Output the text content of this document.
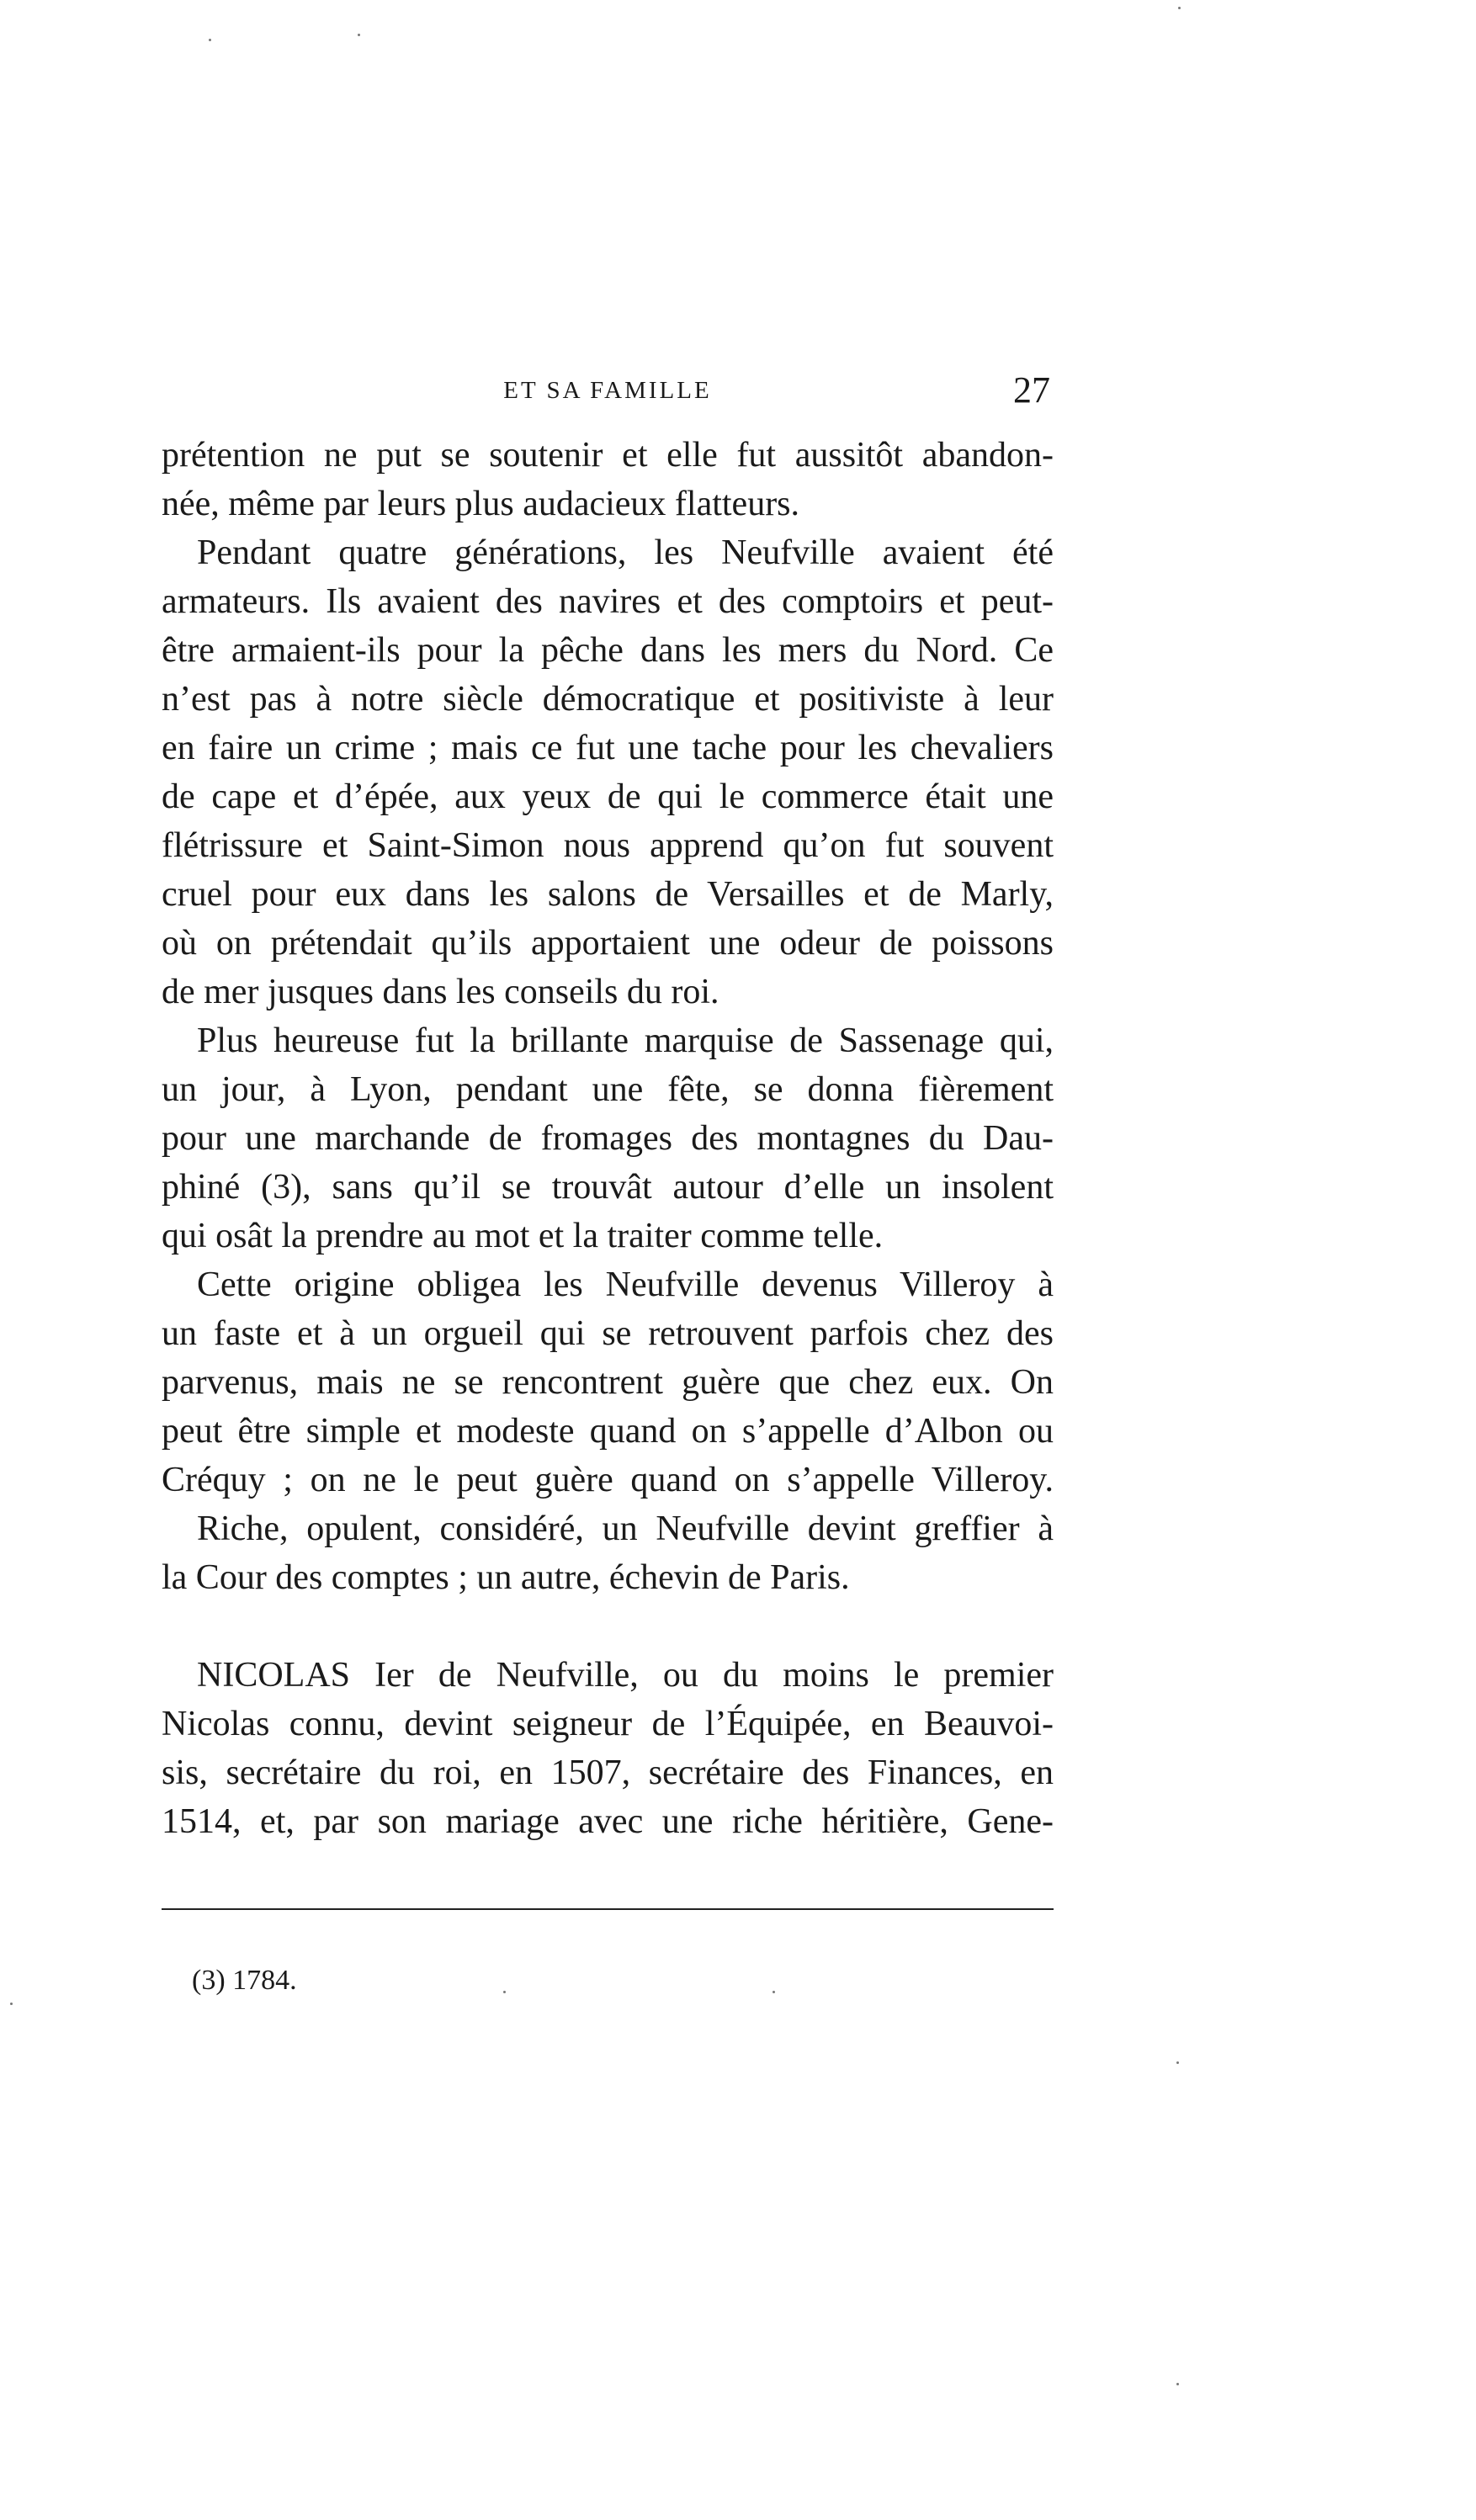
ET SA FAMILLE	27
prétention ne put se soutenir et elle fut aussitôt abandon-
née, même par leurs plus audacieux flatteurs.
Pendant quatre générations, les Neufville avaient été
armateurs. Ils avaient des navires et des comptoirs et peut-
être armaient-ils pour la pêche dans les mers du Nord. Ce
n’est pas à notre siècle démocratique et positiviste à leur
en faire un crime ; mais ce fut une tache pour les chevaliers
de cape et d’épée, aux yeux de qui le commerce était une
flétrissure et Saint-Simon nous apprend qu’on fut souvent
cruel pour eux dans les salons de Versailles et de Marly,
où on prétendait qu’ils apportaient une odeur de poissons
de mer jusques dans les conseils du roi.
Plus heureuse fut la brillante marquise de Sassenage qui,
un jour, à Lyon, pendant une fête, se donna fièrement
pour une marchande de fromages des montagnes du Dau-
phiné (3), sans qu’il se trouvât autour d’elle un insolent
qui osât la prendre au mot et la traiter comme telle.
Cette origine obligea les Neufville devenus Villeroy à
un faste et à un orgueil qui se retrouvent parfois chez des
parvenus, mais ne se rencontrent guère que chez eux. On
peut être simple et modeste quand on s’appelle d’Albon ou
Créquy ; on ne le peut guère quand on s’appelle Villeroy.
Riche, opulent, considéré, un Neufville devint greffier à
la Cour des comptes ; un autre, échevin de Paris.
NICOLAS Ier de Neufville, ou du moins le premier
Nicolas connu, devint seigneur de l’Équipée, en Beauvoi-
sis, secrétaire du roi, en 1507, secrétaire des Finances, en
1514, et, par son mariage avec une riche héritière, Gene-
(3) 1784.
